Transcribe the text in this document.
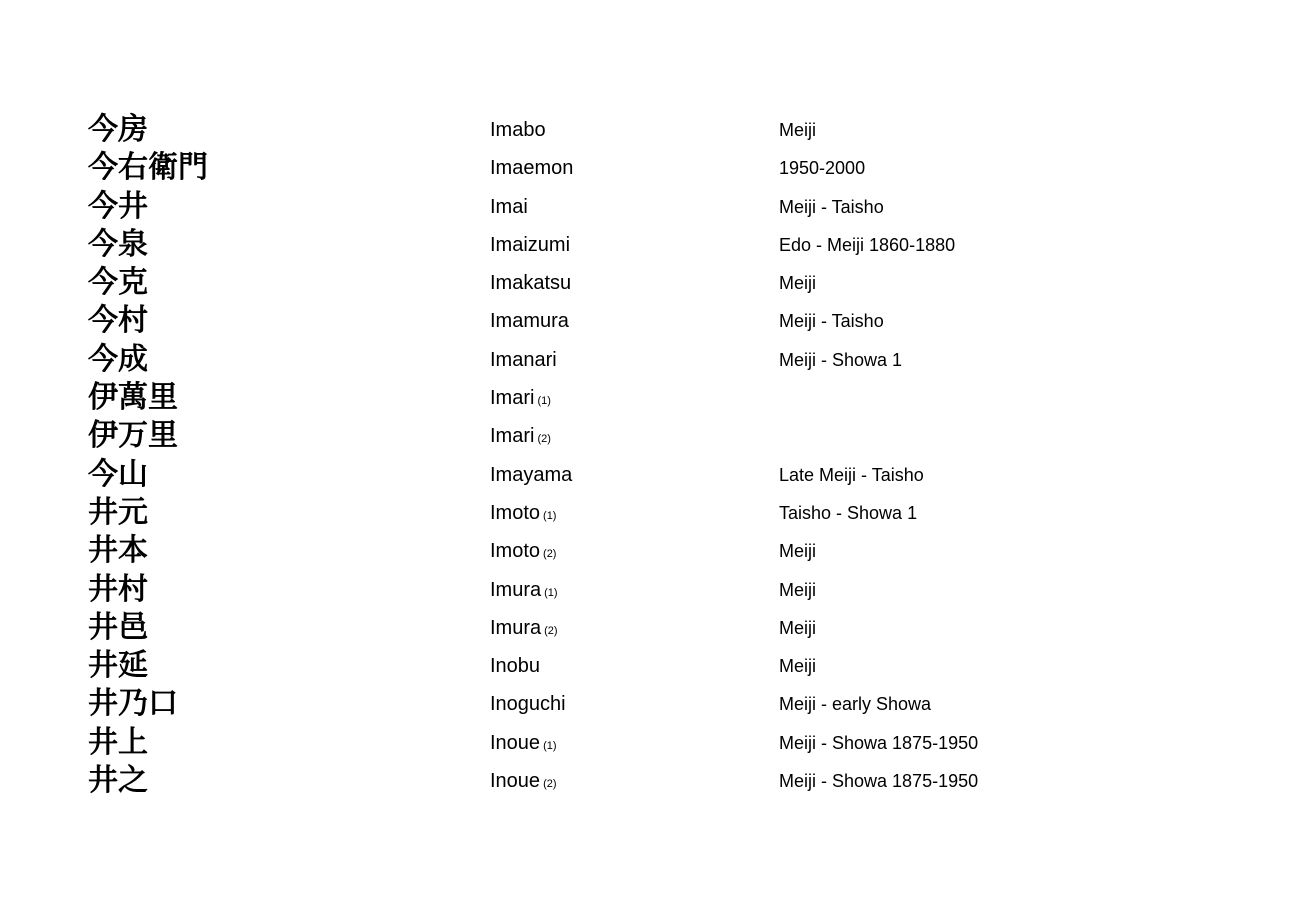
今房	Imabo	Meiji
今右衛門	Imaemon	1950-2000
今井	Imai	Meiji - Taisho
今泉	Imaizumi	Edo - Meiji 1860-1880
今克	Imakatsu	Meiji
今村	Imamura	Meiji - Taisho
今成	Imanari	Meiji - Showa 1
伊萬里	Imari (1)
伊万里	Imari (2)
今山	Imayama	Late Meiji - Taisho
井元	Imoto (1)	Taisho - Showa 1
井本	Imoto (2)	Meiji
井村	Imura (1)	Meiji
井邑	Imura (2)	Meiji
井延	Inobu	Meiji
井乃口	Inoguchi	Meiji - early Showa
井上	Inoue (1)	Meiji - Showa 1875-1950
井之	Inoue (2)	Meiji - Showa 1875-1950
